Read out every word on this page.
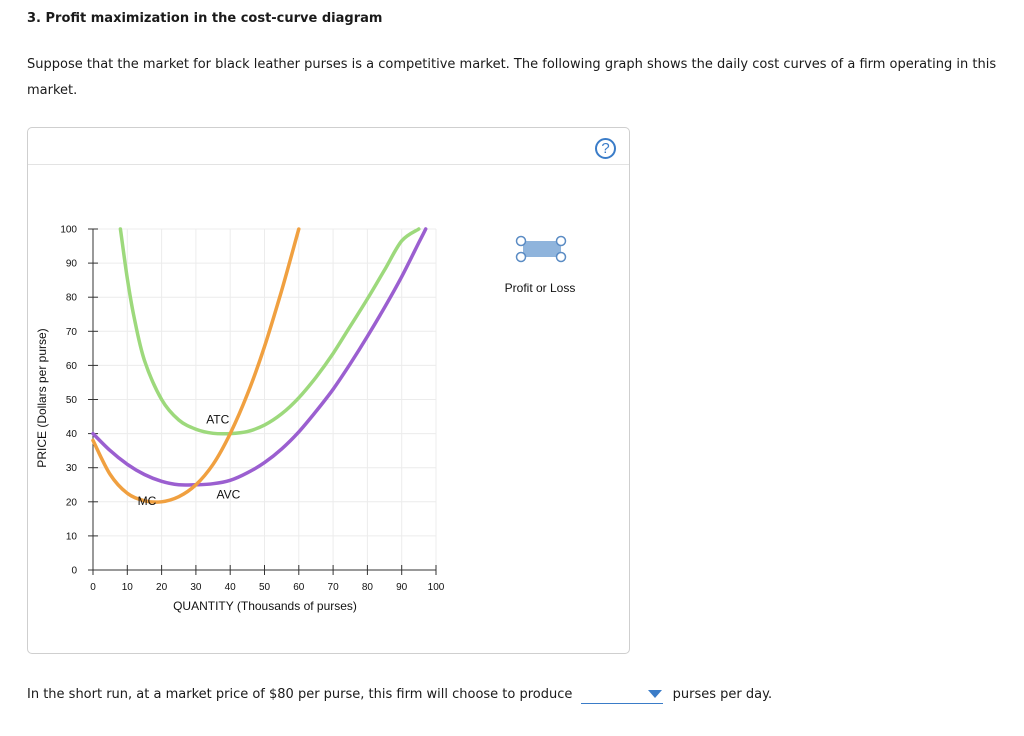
3. Profit maximization in the cost-curve diagram

Suppose that the market for black leather purses is a competitive market. The following graph shows the daily cost curves of a firm operating in this market.

?
0
10
20
30
40
50
60
70
80
90
100
0	10 20 30 40 50 60 70 80 90 100
ATC
AVC
MC
QUANTITY (Thousands of purses)
PRICE (Dollars per purse)
Profit or Loss
In the short run, at a market price of $80 per purse, this firm will choose to produce	purses per day.
